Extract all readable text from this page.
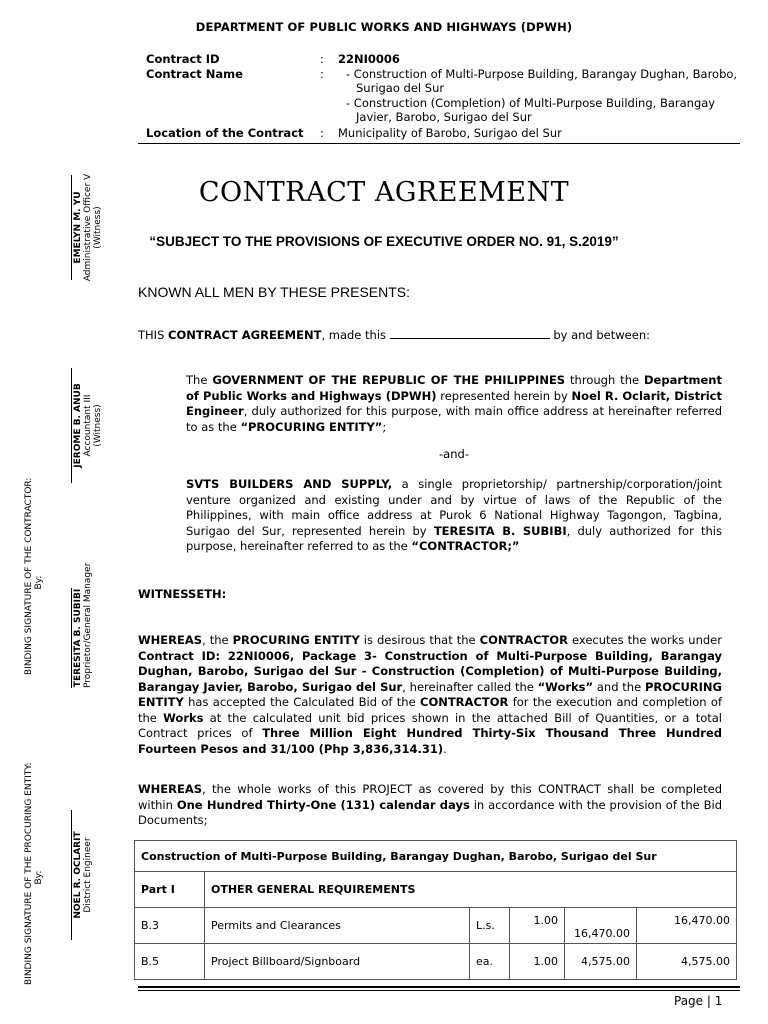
DEPARTMENT OF PUBLIC WORKS AND HIGHWAYS (DPWH)
Contract ID	: 22NI0006
Contract Name	: - Construction of Multi-Purpose Building, Barangay Dughan, Barobo,
Surigao del Sur
- Construction (Completion) of Multi-Purpose Building, Barangay
Javier, Barobo, Surigao del Sur
Location of the Contract : Municipality of Barobo, Surigao del Sur
CONTRACT AGREEMENT
“SUBJECT TO THE PROVISIONS OF EXECUTIVE ORDER NO. 91, S.2019”
KNOWN ALL MEN BY THESE PRESENTS:
THIS CONTRACT AGREEMENT, made this	by and between:
The GOVERNMENT OF THE REPUBLIC OF THE PHILIPPINES through the Department of Public Works and Highways (DPWH) represented herein by Noel R. Oclarit, District Engineer, duly authorized for this purpose, with main office address at hereinafter referred to as the “PROCURING ENTITY”;
-and-
SVTS BUILDERS AND SUPPLY, a single proprietorship/ partnership/corporation/joint venture organized and existing under and by virtue of laws of the Republic of the Philippines, with main office address at Purok 6 National Highway Tagongon, Tagbina, Surigao del Sur, represented herein by TERESITA B. SUBIBI, duly authorized for this purpose, hereinafter referred to as the “CONTRACTOR;”
WITNESSETH:
WHEREAS, the PROCURING ENTITY is desirous that the CONTRACTOR executes the works under Contract ID: 22NI0006, Package 3- Construction of Multi-Purpose Building, Barangay Dughan, Barobo, Surigao del Sur - Construction (Completion) of Multi-Purpose Building, Barangay Javier, Barobo, Surigao del Sur, hereinafter called the “Works” and the PROCURING ENTITY has accepted the Calculated Bid of the CONTRACTOR for the execution and completion of the Works at the calculated unit bid prices shown in the attached Bill of Quantities, or a total Contract prices of Three Million Eight Hundred Thirty-Six Thousand Three Hundred Fourteen Pesos and 31/100 (Php 3,836,314.31).
WHEREAS, the whole works of this PROJECT as covered by this CONTRACT shall be completed within One Hundred Thirty-One (131) calendar days in accordance with the provision of the Bid Documents;
Construction of Multi-Purpose Building, Barangay Dughan, Barobo, Surigao del Sur					
Part I	OTHER GENERAL REQUIREMENTS				
B.3	Permits and Clearances	L.s.	1.00	16,470.00	16,470.00
B.5	Project Billboard/Signboard	ea.	1.00	4,575.00	4,575.00
Page | 1
EMELYN M. YU Administrative Officer V (Witness)
JEROME B. ANUB Accountant III (Witness)
TERESITA B. SUBIBI Proprietor/General Manager
NOEL R. OCLARIT District Engineer
BINDING SIGNATURE OF THE CONTRACTOR: By:
BINDING SIGNATURE OF THE PROCURING ENTITY: By:
